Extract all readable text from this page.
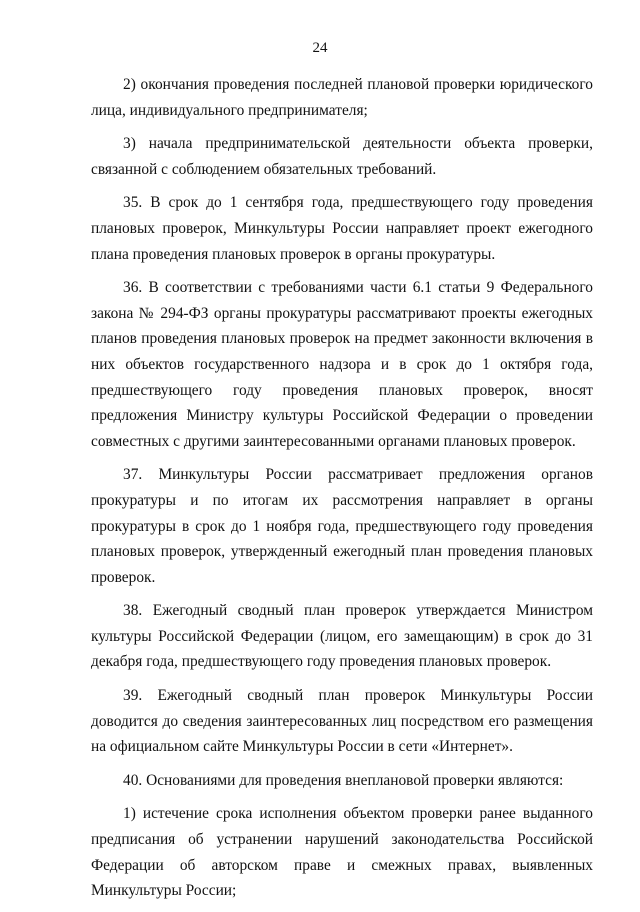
24

2) окончания проведения последней плановой проверки юридического лица, индивидуального предпринимателя;

3) начала предпринимательской деятельности объекта проверки, связанной с соблюдением обязательных требований.

35. В срок до 1 сентября года, предшествующего году проведения плановых проверок, Минкультуры России направляет проект ежегодного плана проведения плановых проверок в органы прокуратуры.

36. В соответствии с требованиями части 6.1 статьи 9 Федерального закона № 294-ФЗ органы прокуратуры рассматривают проекты ежегодных планов проведения плановых проверок на предмет законности включения в них объектов государственного надзора и в срок до 1 октября года, предшествующего году проведения плановых проверок, вносят предложения Министру культуры Российской Федерации о проведении совместных с другими заинтересованными органами плановых проверок.

37. Минкультуры России рассматривает предложения органов прокуратуры и по итогам их рассмотрения направляет в органы прокуратуры в срок до 1 ноября года, предшествующего году проведения плановых проверок, утвержденный ежегодный план проведения плановых проверок.

38. Ежегодный сводный план проверок утверждается Министром культуры Российской Федерации (лицом, его замещающим) в срок до 31 декабря года, предшествующего году проведения плановых проверок.

39. Ежегодный сводный план проверок Минкультуры России доводится до сведения заинтересованных лиц посредством его размещения на официальном сайте Минкультуры России в сети «Интернет».

40. Основаниями для проведения внеплановой проверки являются:

1) истечение срока исполнения объектом проверки ранее выданного предписания об устранении нарушений законодательства Российской Федерации об авторском праве и смежных правах, выявленных Минкультуры России;
